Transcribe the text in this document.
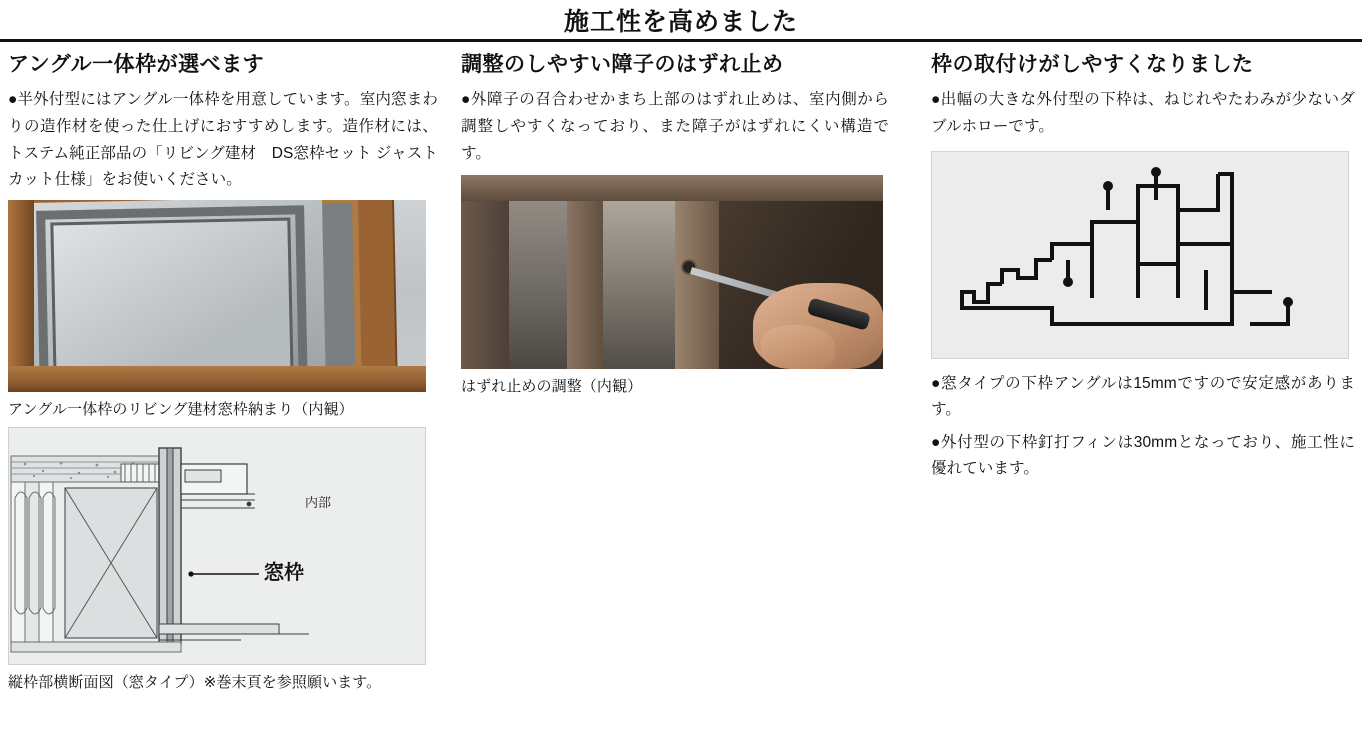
施工性を高めました
アングル一体枠が選べます

●半外付型にはアングル一体枠を用意しています。室内窓まわりの造作材を使った仕上げにおすすめします。造作材には、トステム純正部品の「リビング建材　DS窓枠セット ジャストカット仕様」をお使いください。

アングル一体枠のリビング建材窓枠納まり（内観）

内部
窓枠

縦枠部横断面図（窓タイプ）※巻末頁を参照願います。

調整のしやすい障子のはずれ止め

●外障子の召合わせかまち上部のはずれ止めは、室内側から調整しやすくなっており、また障子がはずれにくい構造です。

はずれ止めの調整（内観）

枠の取付けがしやすくなりました

●出幅の大きな外付型の下枠は、ねじれやたわみが少ないダブルホローです。

●窓タイプの下枠アングルは15mmですので安定感があります。

●外付型の下枠釘打フィンは30mmとなっており、施工性に優れています。
